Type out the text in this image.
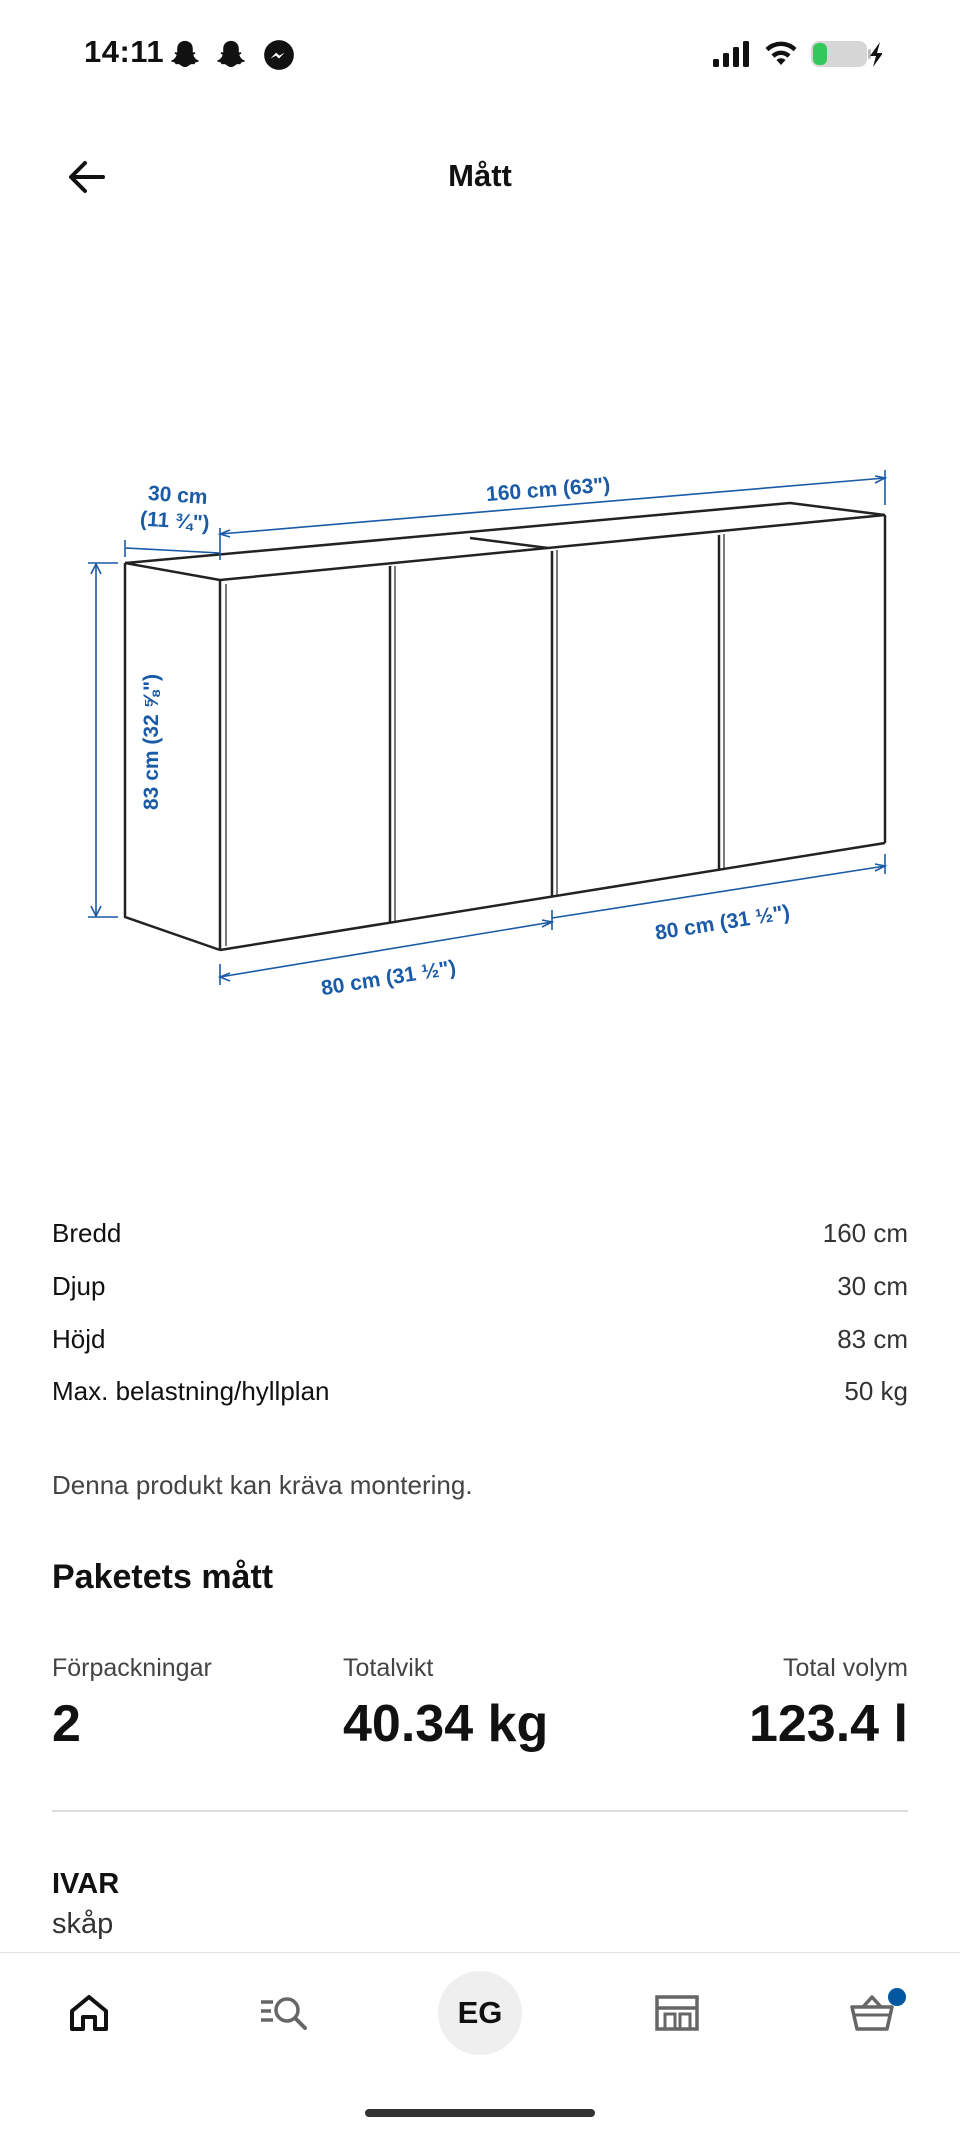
14:11
Mått
30 cm
(11 ¾")
160 cm (63")
83 cm (32 ⅝")
80 cm (31 ½")
80 cm (31 ½")
Bredd	160 cm
Djup	30 cm
Höjd	83 cm
Max. belastning/hyllplan	50 kg
Denna produkt kan kräva montering.
Paketets mått
Förpackningar
2
Totalvikt
40.34 kg
Total volym
123.4 l
IVAR
skåp
EG
